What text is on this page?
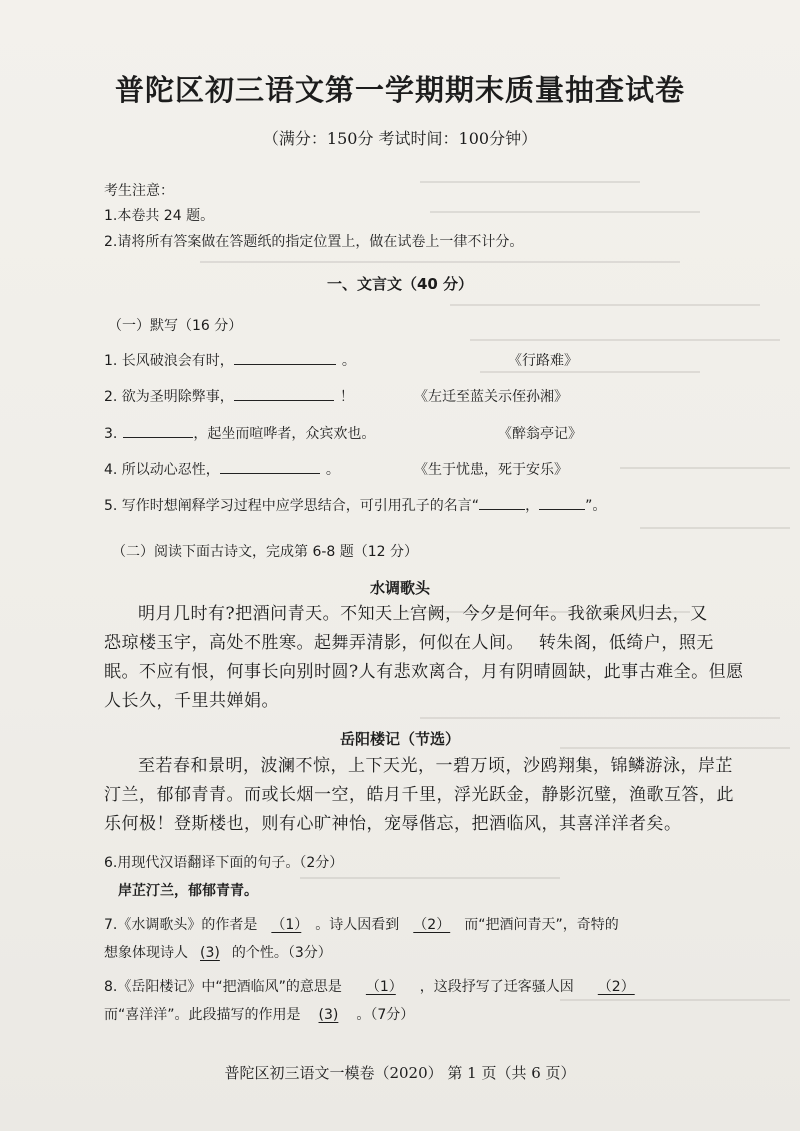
普陀区初三语文第一学期期末质量抽查试卷
（满分：150分 考试时间：100分钟）
考生注意：
1.本卷共 24 题。
2.请将所有答案做在答题纸的指定位置上，做在试卷上一律不计分。
一、文言文（40 分）
（一）默写（16 分）
1. 长风破浪会有时，	。	《行路难》
2. 欲为圣明除弊事，	！	《左迁至蓝关示侄孙湘》
3.	，起坐而喧哗者，众宾欢也。	《醉翁亭记》
4. 所以动心忍性，	。	《生于忧患，死于安乐》
5. 写作时想阐释学习过程中应学思结合，可引用孔子的名言“	，	”。
（二）阅读下面古诗文，完成第 6-8 题（12 分）
水调歌头
明月几时有?把酒问青天。不知天上宫阙，今夕是何年。我欲乘风归去，又
恐琼楼玉宇，高处不胜寒。起舞弄清影，何似在人间。　 转朱阁，低绮户，照无
眠。不应有恨，何事长向别时圆?人有悲欢离合，月有阴晴圆缺，此事古难全。但愿
人长久，千里共婵娟。
岳阳楼记（节选）
至若春和景明，波澜不惊，上下天光，一碧万顷，沙鸥翔集，锦鳞游泳，岸芷
汀兰，郁郁青青。而或长烟一空，皓月千里，浮光跃金，静影沉璧，渔歌互答，此
乐何极！登斯楼也，则有心旷神怡，宠辱偕忘，把酒临风，其喜洋洋者矣。
6.用现代汉语翻译下面的句子。（2分）
岸芷汀兰，郁郁青青。
7.《水调歌头》的作者是 （1） 。诗人因看到 （2） 而“把酒问青天”，奇特的
想象体现诗人 (3) 的个性。（3分）
8.《岳阳楼记》中“把酒临风”的意思是 （1） ，这段抒写了迁客骚人因 （2）
而“喜洋洋”。此段描写的作用是 (3) 。（7分）
普陀区初三语文一模卷（2020） 第 1 页（共 6 页）
